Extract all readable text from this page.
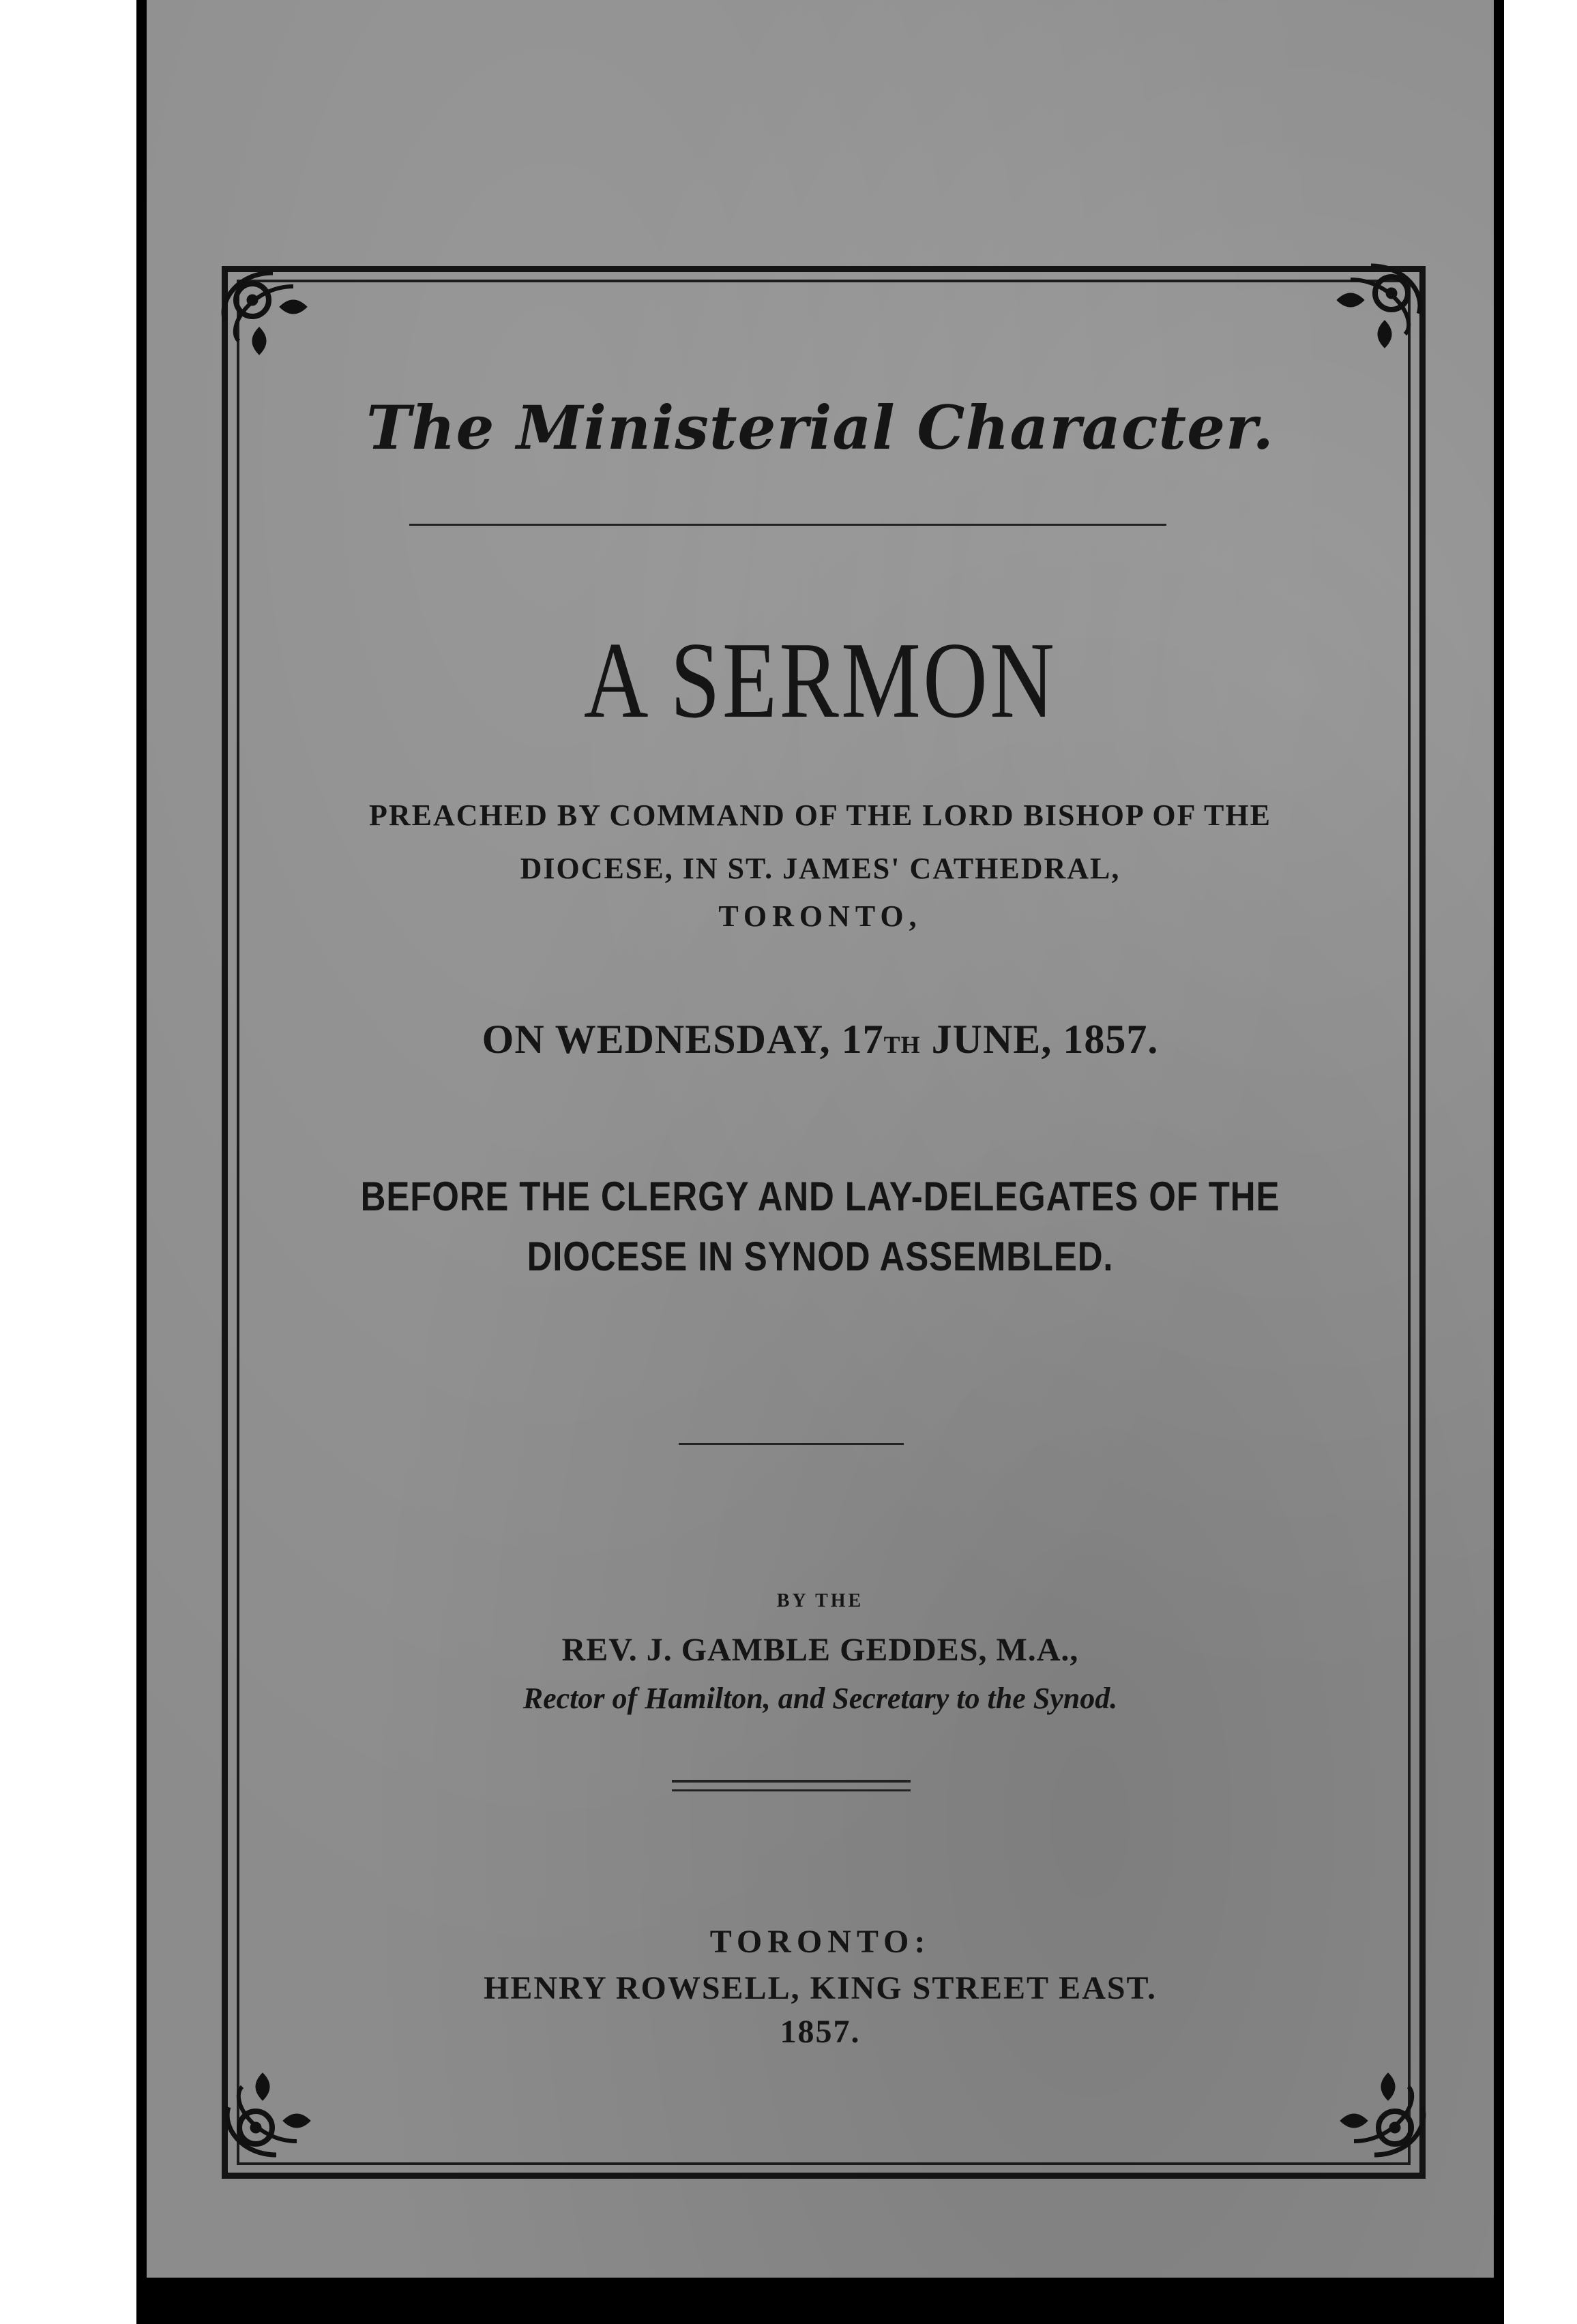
The Ministerial Character.
A SERMON
PREACHED BY COMMAND OF THE LORD BISHOP OF THE
DIOCESE, IN ST. JAMES' CATHEDRAL,
TORONTO,
ON WEDNESDAY, 17TH JUNE, 1857.
BEFORE THE CLERGY AND LAY-DELEGATES OF THE
DIOCESE IN SYNOD ASSEMBLED.
BY THE
REV. J. GAMBLE GEDDES, M.A.,
Rector of Hamilton, and Secretary to the Synod.
TORONTO:
HENRY ROWSELL, KING STREET EAST.
1857.
